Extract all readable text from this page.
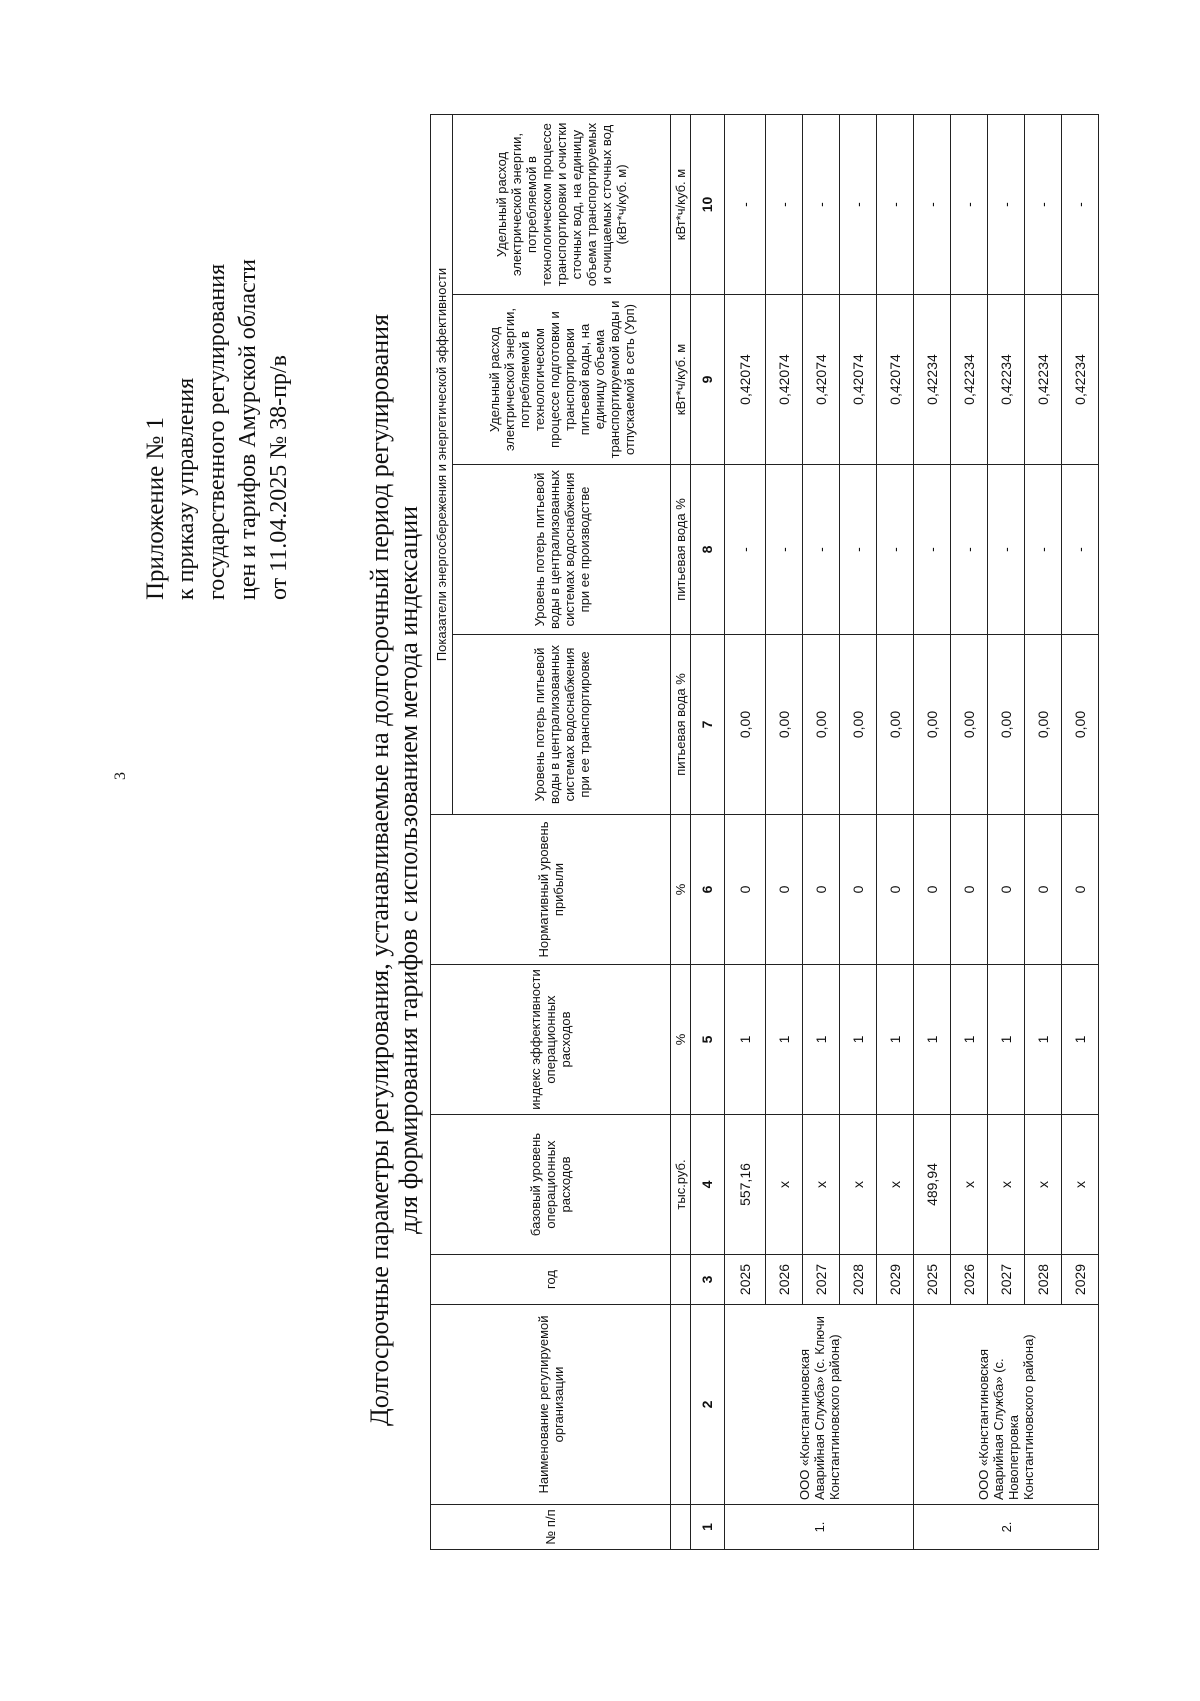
3
Приложение № 1 к приказу управления государственного регулирования цен и тарифов Амурской области от 11.04.2025 № 38-пр/в	Долгосрочные параметры регулирования, устанавливаемые на долгосрочный период регулирования для формирования тарифов с использованием метода индексации
№ п/п	Наименование регулируемой организации	год	базовый уровень операционных расходов	индекс эффективности операционных расходов	Нормативный уровень прибыли	Показатели энергосбережения и энергетической эффективности			
						Уровень потерь питьевой воды в централизованных системах водоснабжения при ее транспортировке	Уровень потерь питьевой воды в централизованных системах водоснабжения при ее производстве	Удельный расход электрической энергии, потребляемой в технологическом процессе подготовки и транспортировки питьевой воды, на единицу объема транспортируемой воды и отпускаемой в сеть (Урп)	Удельный расход электрической энергии, потребляемой в технологическом процессе транспортировки и очистки сточных вод, на единицу объема транспортируемых и очищаемых сточных вод (кВт*ч/куб. м)
			тыс.руб.	%	%	питьевая вода %	питьевая вода %	кВт*ч/куб. м	кВт*ч/куб. м
1	2	3	4	5	6	7	8	9	10
1.	ООО «Константиновская Аварийная Служба» (с. Ключи Константиновского района)	2025	557,16	1	0	0,00	-	0,42074	-
		2026	x	1	0	0,00	-	0,42074	-
		2027	x	1	0	0,00	-	0,42074	-
		2028	x	1	0	0,00	-	0,42074	-
		2029	x	1	0	0,00	-	0,42074	-
2.	ООО «Константиновская Аварийная Служба» (с. Новопетровка Константиновского района)	2025	489,94	1	0	0,00	-	0,42234	-
		2026	x	1	0	0,00	-	0,42234	-
		2027	x	1	0	0,00	-	0,42234	-
		2028	x	1	0	0,00	-	0,42234	-
		2029	x	1	0	0,00	-	0,42234	-
